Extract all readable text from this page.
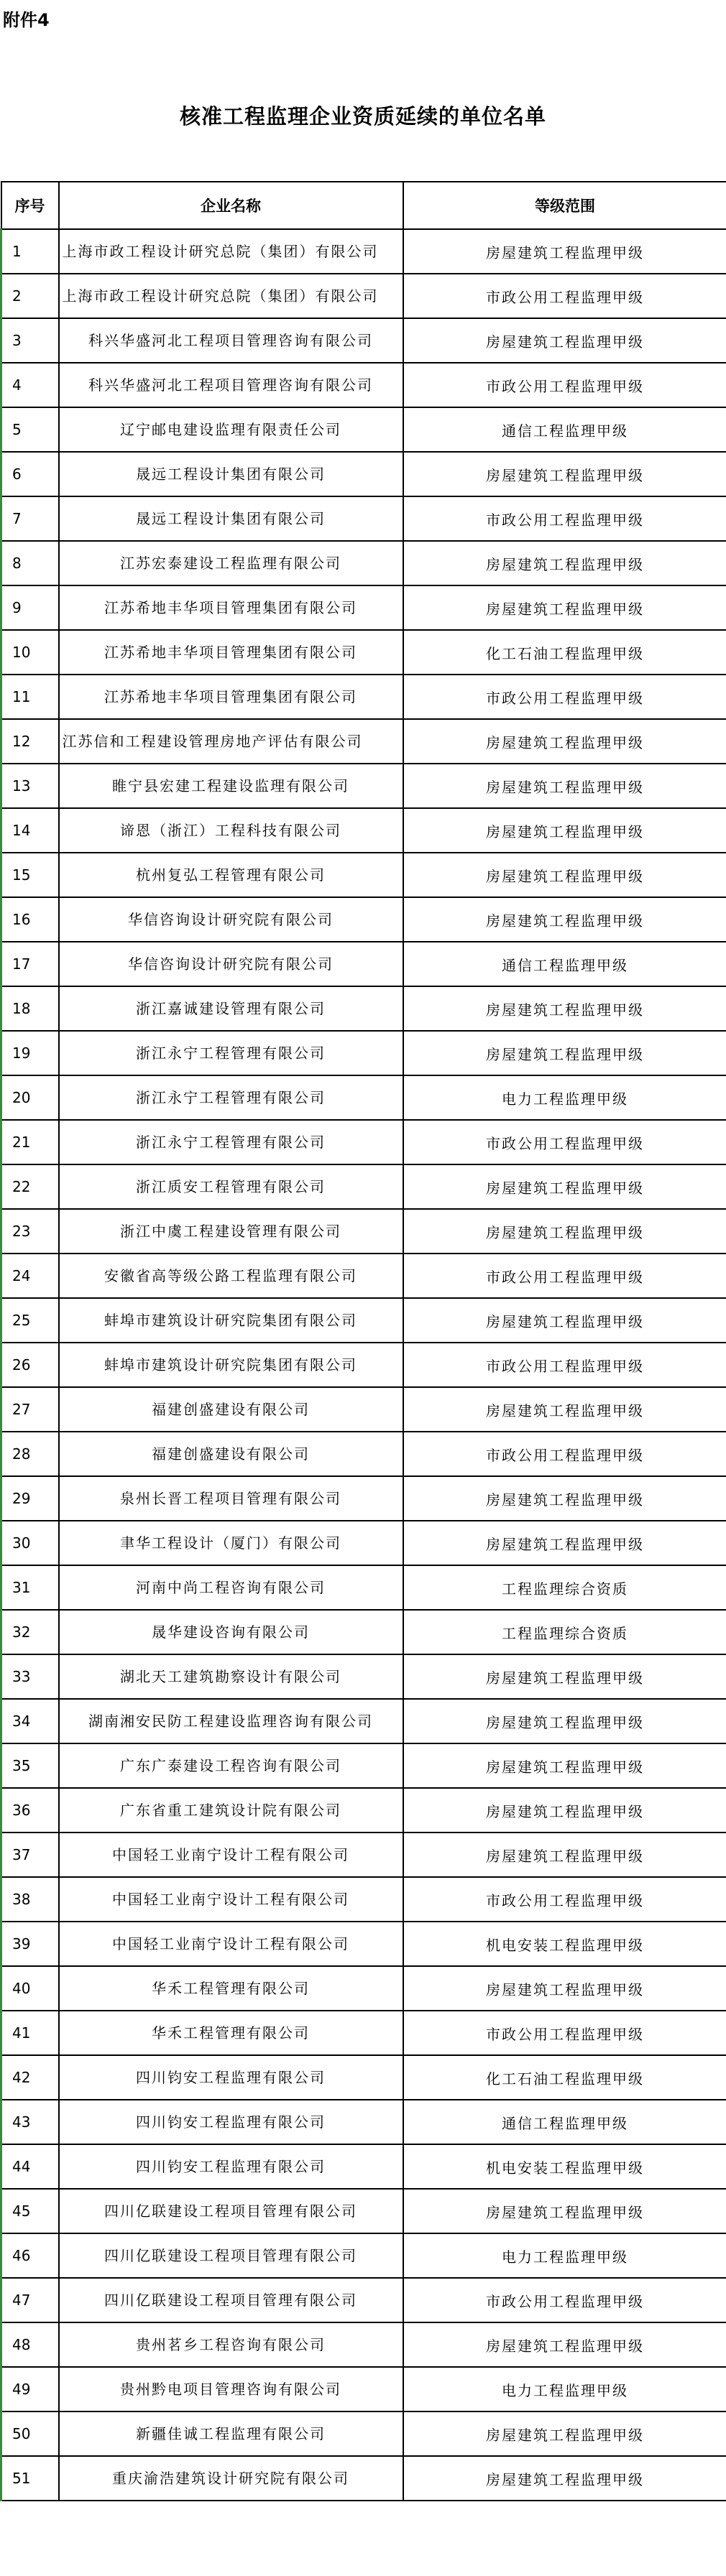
附件4
核准工程监理企业资质延续的单位名单
序号	企业名称	等级范围
1	上海市政工程设计研究总院（集团）有限公司	房屋建筑工程监理甲级
2	上海市政工程设计研究总院（集团）有限公司	市政公用工程监理甲级
3	科兴华盛河北工程项目管理咨询有限公司	房屋建筑工程监理甲级
4	科兴华盛河北工程项目管理咨询有限公司	市政公用工程监理甲级
5	辽宁邮电建设监理有限责任公司	通信工程监理甲级
6	晟远工程设计集团有限公司	房屋建筑工程监理甲级
7	晟远工程设计集团有限公司	市政公用工程监理甲级
8	江苏宏泰建设工程监理有限公司	房屋建筑工程监理甲级
9	江苏希地丰华项目管理集团有限公司	房屋建筑工程监理甲级
10	江苏希地丰华项目管理集团有限公司	化工石油工程监理甲级
11	江苏希地丰华项目管理集团有限公司	市政公用工程监理甲级
12	江苏信和工程建设管理房地产评估有限公司	房屋建筑工程监理甲级
13	睢宁县宏建工程建设监理有限公司	房屋建筑工程监理甲级
14	谛恩（浙江）工程科技有限公司	房屋建筑工程监理甲级
15	杭州复弘工程管理有限公司	房屋建筑工程监理甲级
16	华信咨询设计研究院有限公司	房屋建筑工程监理甲级
17	华信咨询设计研究院有限公司	通信工程监理甲级
18	浙江嘉诚建设管理有限公司	房屋建筑工程监理甲级
19	浙江永宁工程管理有限公司	房屋建筑工程监理甲级
20	浙江永宁工程管理有限公司	电力工程监理甲级
21	浙江永宁工程管理有限公司	市政公用工程监理甲级
22	浙江质安工程管理有限公司	房屋建筑工程监理甲级
23	浙江中虞工程建设管理有限公司	房屋建筑工程监理甲级
24	安徽省高等级公路工程监理有限公司	市政公用工程监理甲级
25	蚌埠市建筑设计研究院集团有限公司	房屋建筑工程监理甲级
26	蚌埠市建筑设计研究院集团有限公司	市政公用工程监理甲级
27	福建创盛建设有限公司	房屋建筑工程监理甲级
28	福建创盛建设有限公司	市政公用工程监理甲级
29	泉州长晋工程项目管理有限公司	房屋建筑工程监理甲级
30	聿华工程设计（厦门）有限公司	房屋建筑工程监理甲级
31	河南中尚工程咨询有限公司	工程监理综合资质
32	晟华建设咨询有限公司	工程监理综合资质
33	湖北天工建筑勘察设计有限公司	房屋建筑工程监理甲级
34	湖南湘安民防工程建设监理咨询有限公司	房屋建筑工程监理甲级
35	广东广泰建设工程咨询有限公司	房屋建筑工程监理甲级
36	广东省重工建筑设计院有限公司	房屋建筑工程监理甲级
37	中国轻工业南宁设计工程有限公司	房屋建筑工程监理甲级
38	中国轻工业南宁设计工程有限公司	市政公用工程监理甲级
39	中国轻工业南宁设计工程有限公司	机电安装工程监理甲级
40	华禾工程管理有限公司	房屋建筑工程监理甲级
41	华禾工程管理有限公司	市政公用工程监理甲级
42	四川钧安工程监理有限公司	化工石油工程监理甲级
43	四川钧安工程监理有限公司	通信工程监理甲级
44	四川钧安工程监理有限公司	机电安装工程监理甲级
45	四川亿联建设工程项目管理有限公司	房屋建筑工程监理甲级
46	四川亿联建设工程项目管理有限公司	电力工程监理甲级
47	四川亿联建设工程项目管理有限公司	市政公用工程监理甲级
48	贵州茗乡工程咨询有限公司	房屋建筑工程监理甲级
49	贵州黔电项目管理咨询有限公司	电力工程监理甲级
50	新疆佳诚工程监理有限公司	房屋建筑工程监理甲级
51	重庆渝浩建筑设计研究院有限公司	房屋建筑工程监理甲级
